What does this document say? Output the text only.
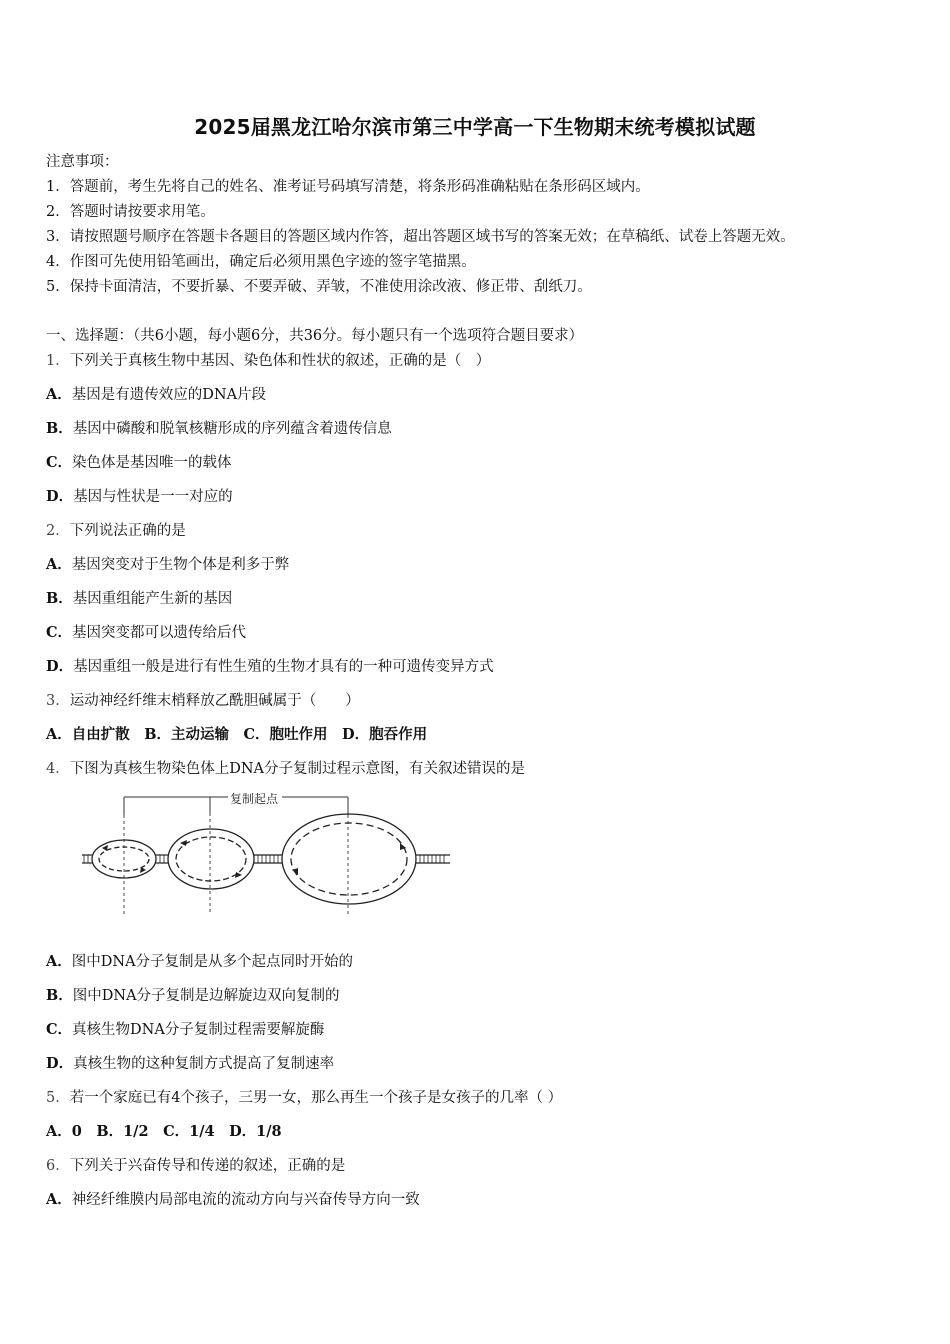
2025届黑龙江哈尔滨市第三中学高一下生物期末统考模拟试题
注意事项：
1．答题前，考生先将自己的姓名、准考证号码填写清楚，将条形码准确粘贴在条形码区域内。
2．答题时请按要求用笔。
3．请按照题号顺序在答题卡各题目的答题区域内作答，超出答题区域书写的答案无效；在草稿纸、试卷上答题无效。
4．作图可先使用铅笔画出，确定后必须用黑色字迹的签字笔描黑。
5．保持卡面清洁，不要折暴、不要弄破、弄皱，不准使用涂改液、修正带、刮纸刀。
一、选择题：（共6小题，每小题6分，共36分。每小题只有一个选项符合题目要求）
1．下列关于真核生物中基因、染色体和性状的叙述，正确的是（　）
A．基因是有遗传效应的DNA片段
B．基因中磷酸和脱氧核糖形成的序列蕴含着遗传信息
C．染色体是基因唯一的载体
D．基因与性状是一一对应的
2．下列说法正确的是
A．基因突变对于生物个体是利多于弊
B．基因重组能产生新的基因
C．基因突变都可以遗传给后代
D．基因重组一般是进行有性生殖的生物才具有的一种可遗传变异方式
3．运动神经纤维末梢释放乙酰胆碱属于（　　）
A．自由扩散　B．主动运输　C．胞吐作用　D．胞吞作用
4．下图为真核生物染色体上DNA分子复制过程示意图，有关叙述错误的是
复制起点
A．图中DNA分子复制是从多个起点同时开始的
B．图中DNA分子复制是边解旋边双向复制的
C．真核生物DNA分子复制过程需要解旋酶
D．真核生物的这种复制方式提高了复制速率
5．若一个家庭已有4个孩子，三男一女，那么再生一个孩子是女孩子的几率（ ）
A．0　B．1/2　C．1/4　D．1/8
6．下列关于兴奋传导和传递的叙述，正确的是
A．神经纤维膜内局部电流的流动方向与兴奋传导方向一致
